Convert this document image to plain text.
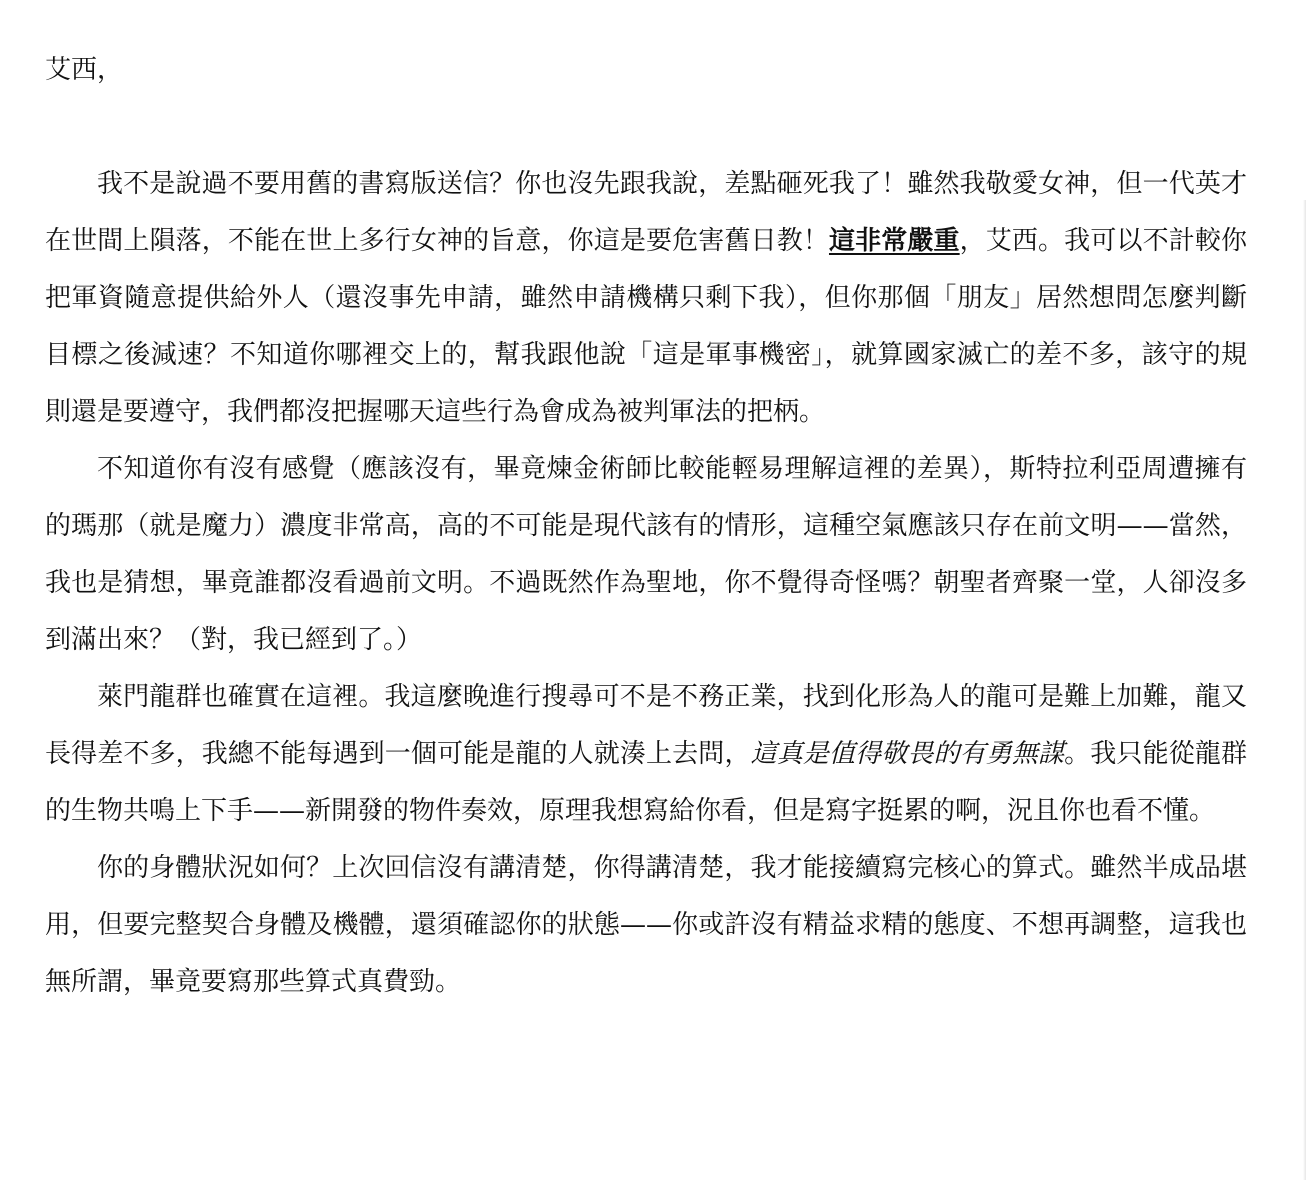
艾西，

我不是說過不要用舊的書寫版送信？你也沒先跟我說，差點砸死我了！雖然我敬愛女神，但一代英才在世間上隕落，不能在世上多行女神的旨意，你這是要危害舊日教！這非常嚴重，艾西。我可以不計較你把軍資隨意提供給外人（還沒事先申請，雖然申請機構只剩下我），但你那個「朋友」居然想問怎麼判斷目標之後減速？不知道你哪裡交上的，幫我跟他說「這是軍事機密」，就算國家滅亡的差不多，該守的規則還是要遵守，我們都沒把握哪天這些行為會成為被判軍法的把柄。

不知道你有沒有感覺（應該沒有，畢竟煉金術師比較能輕易理解這裡的差異），斯特拉利亞周遭擁有的瑪那（就是魔力）濃度非常高，高的不可能是現代該有的情形，這種空氣應該只存在前文明——當然，我也是猜想，畢竟誰都沒看過前文明。不過既然作為聖地，你不覺得奇怪嗎？朝聖者齊聚一堂，人卻沒多到滿出來？（對，我已經到了。）

萊門龍群也確實在這裡。我這麼晚進行搜尋可不是不務正業，找到化形為人的龍可是難上加難，龍又長得差不多，我總不能每遇到一個可能是龍的人就湊上去問，這真是值得敬畏的有勇無謀。我只能從龍群的生物共鳴上下手——新開發的物件奏效，原理我想寫給你看，但是寫字挺累的啊，況且你也看不懂。

你的身體狀況如何？上次回信沒有講清楚，你得講清楚，我才能接續寫完核心的算式。雖然半成品堪用，但要完整契合身體及機體，還須確認你的狀態——你或許沒有精益求精的態度、不想再調整，這我也無所謂，畢竟要寫那些算式真費勁。
